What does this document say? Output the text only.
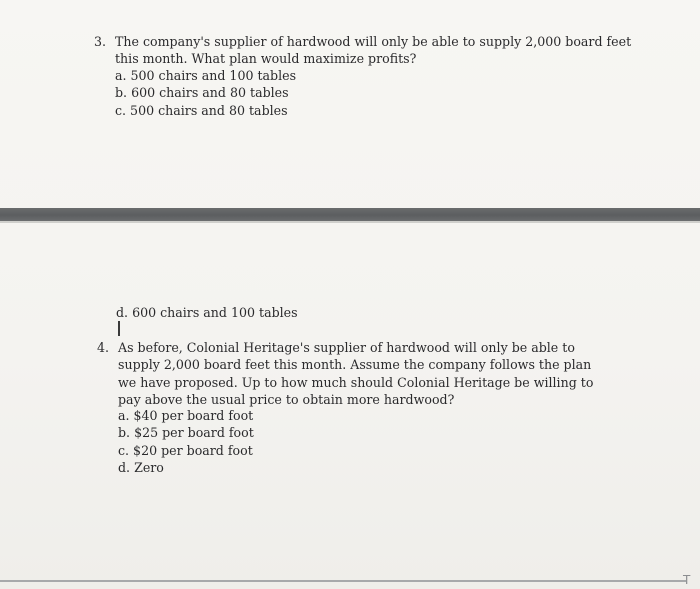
3. The company's supplier of hardwood will only be able to supply 2,000 board feet this month. What plan would maximize profits?
a. 500 chairs and 100 tables
b. 600 chairs and 80 tables
c. 500 chairs and 80 tables
d. 600 chairs and 100 tables
4. As before, Colonial Heritage's supplier of hardwood will only be able to supply 2,000 board feet this month. Assume the company follows the plan we have proposed. Up to how much should Colonial Heritage be willing to pay above the usual price to obtain more hardwood?
a. $40 per board foot
b. $25 per board foot
c. $20 per board foot
d. Zero
T
